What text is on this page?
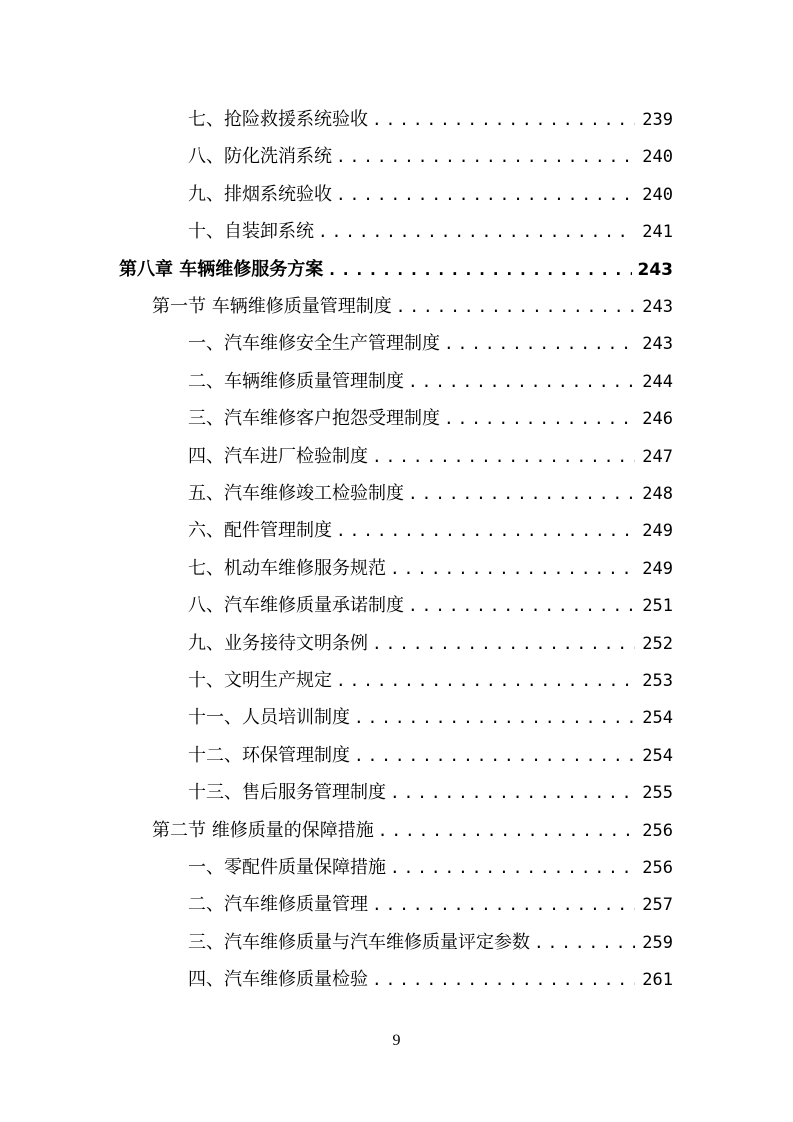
七、抢险救援系统验收 .....	239
八、防化洗消系统 .....	240
九、排烟系统验收 .....	240
十、自装卸系统 .....	241
第八章 车辆维修服务方案 .....	243
第一节 车辆维修质量管理制度 .....	243
一、汽车维修安全生产管理制度 .....	243
二、车辆维修质量管理制度 .....	244
三、汽车维修客户抱怨受理制度 .....	246
四、汽车进厂检验制度 .....	247
五、汽车维修竣工检验制度 .....	248
六、配件管理制度 .....	249
七、机动车维修服务规范 .....	249
八、汽车维修质量承诺制度 .....	251
九、业务接待文明条例 .....	252
十、文明生产规定 .....	253
十一、人员培训制度 .....	254
十二、环保管理制度 .....	254
十三、售后服务管理制度 .....	255
第二节 维修质量的保障措施 .....	256
一、零配件质量保障措施 .....	256
二、汽车维修质量管理 .....	257
三、汽车维修质量与汽车维修质量评定参数 .....	259
四、汽车维修质量检验 .....	261
9
